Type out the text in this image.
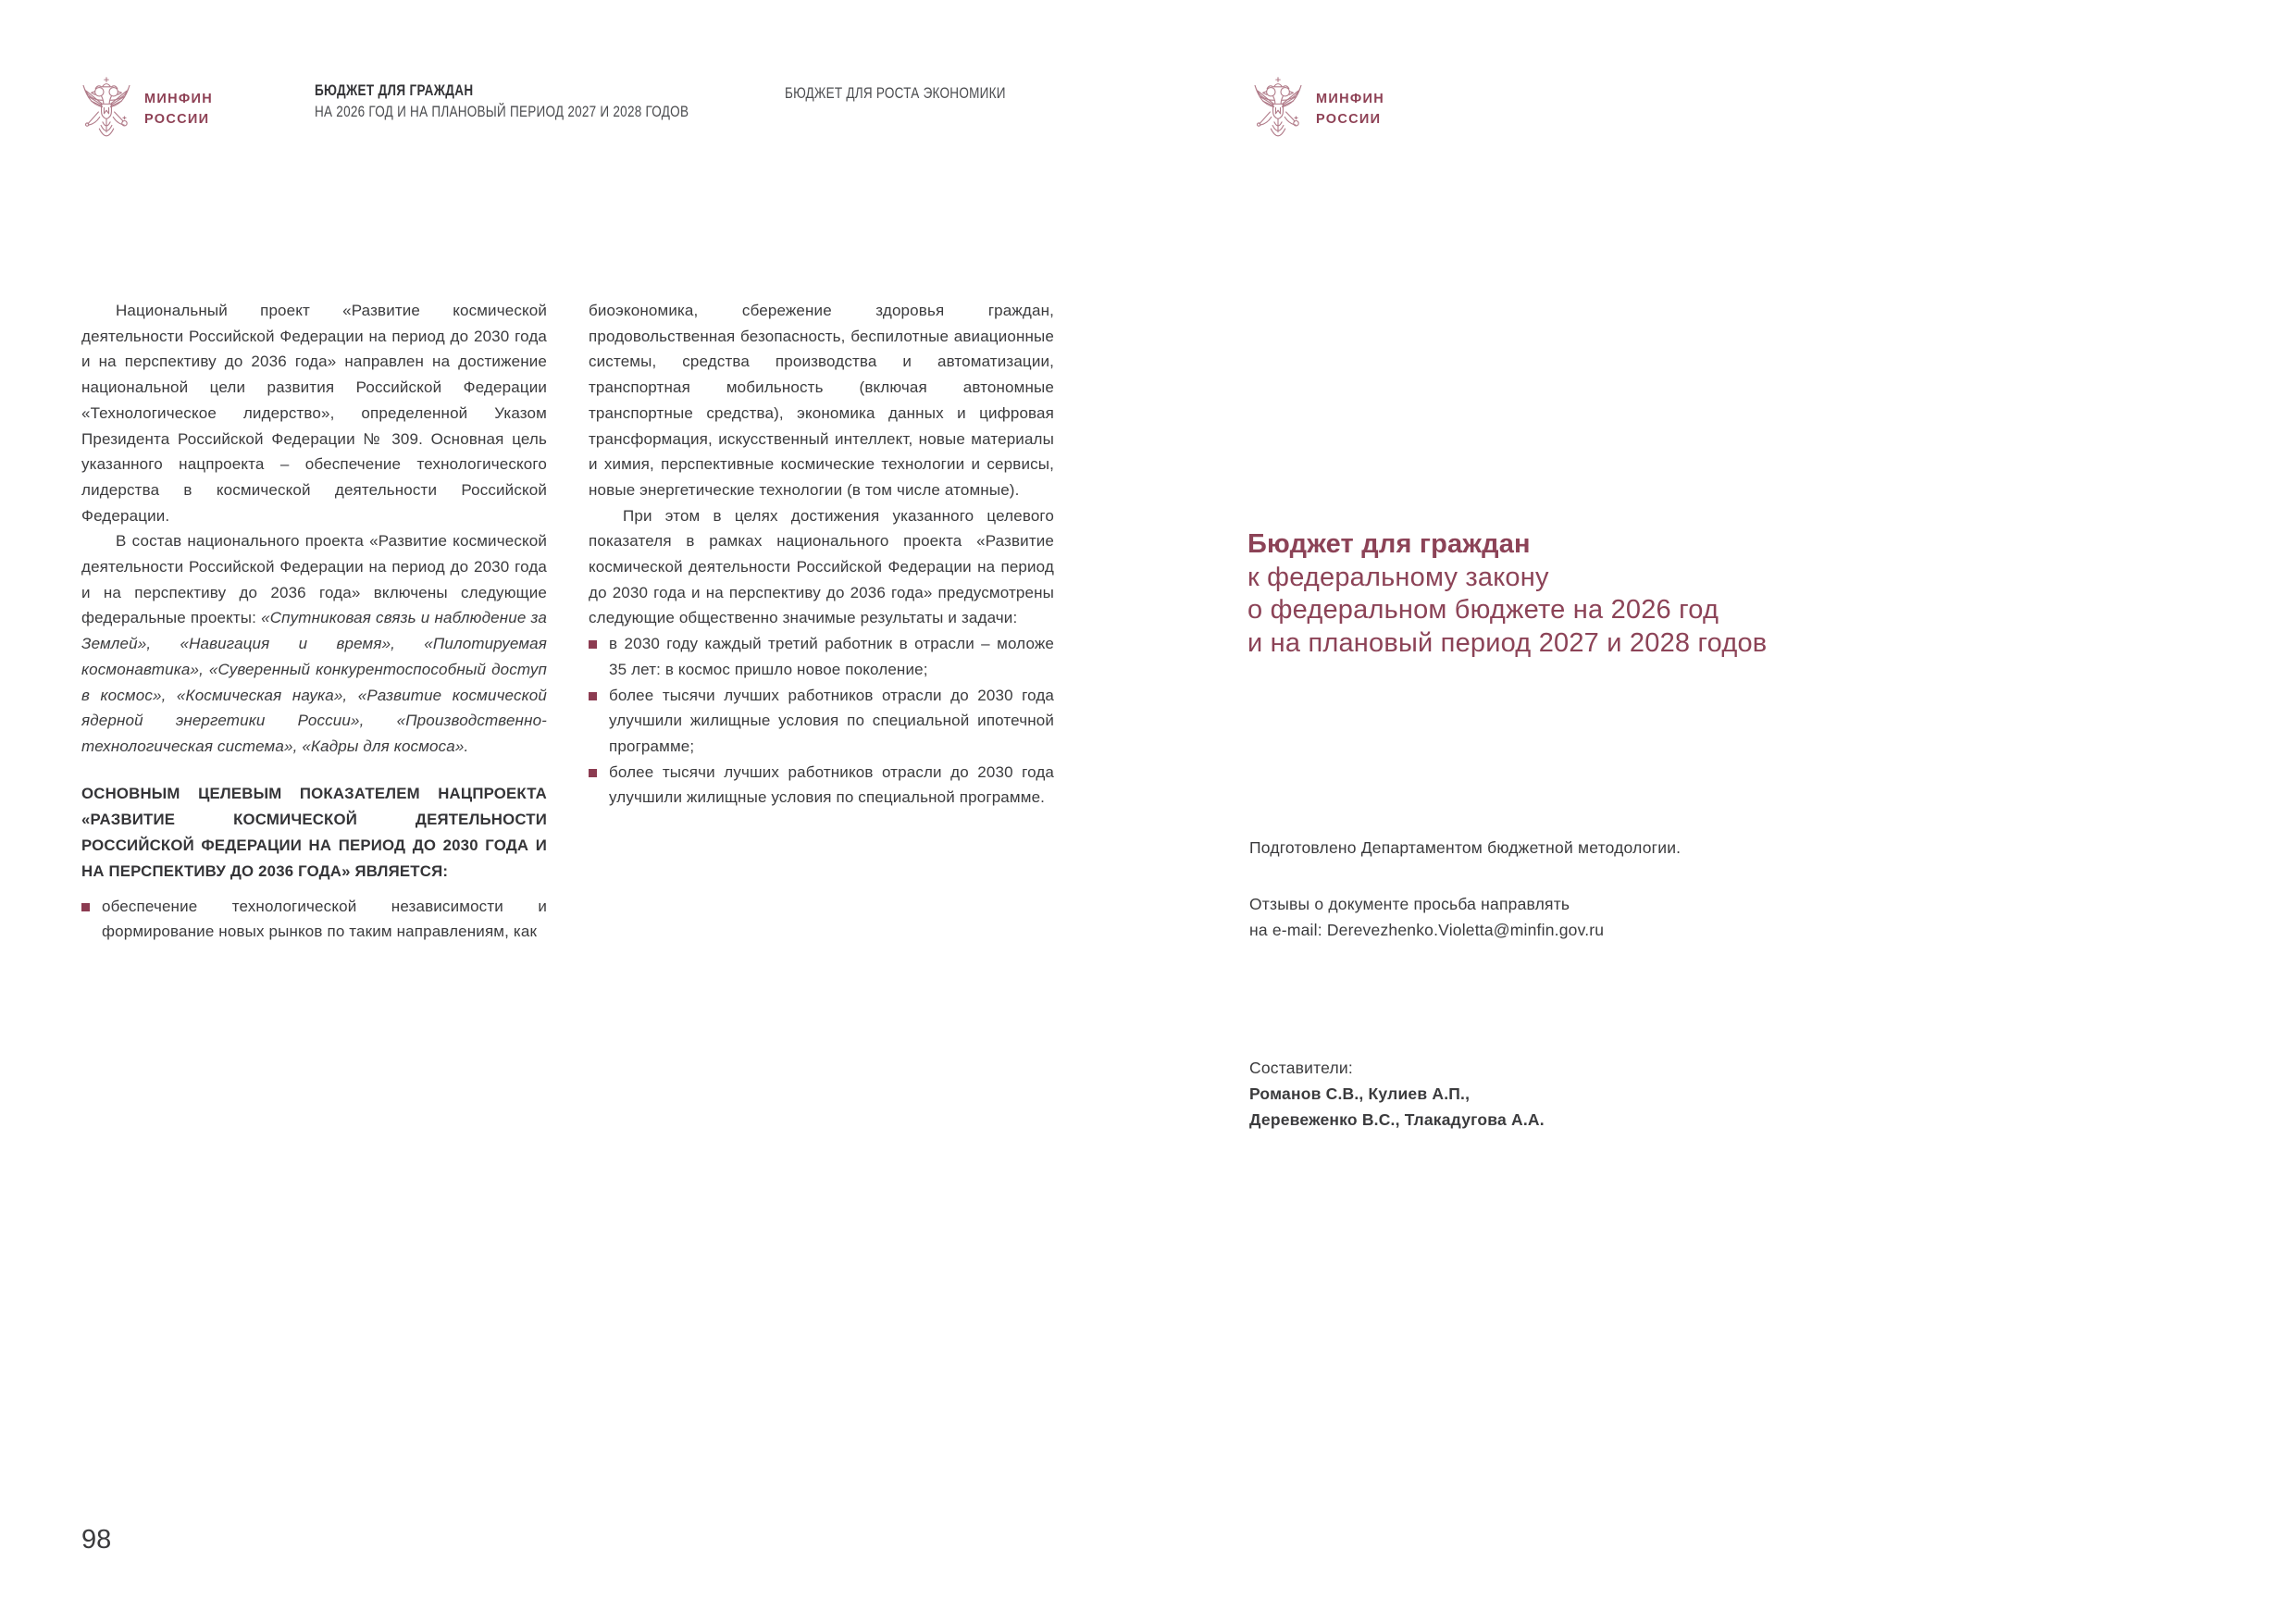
МИНФИН
РОССИИ
БЮДЖЕТ ДЛЯ ГРАЖДАН
НА 2026 ГОД И НА ПЛАНОВЫЙ ПЕРИОД 2027 И 2028 ГОДОВ
БЮДЖЕТ ДЛЯ РОСТА ЭКОНОМИКИ	МИНФИН
РОССИИ

Национальный проект «Развитие космической деятельности Российской Федерации на период до 2030 года и на перспективу до 2036 года» направлен на достижение национальной цели развития Российской Федерации «Технологическое лидерство», определенной Указом Президента Российской Федерации № 309. Основная цель указанного нацпроекта – обеспечение технологического лидерства в космической деятельности Российской Федерации.

В состав национального проекта «Развитие космической деятельности Российской Федерации на период до 2030 года и на перспективу до 2036 года» включены следующие федеральные проекты: «Спутниковая связь и наблюдение за Землей», «Навигация и время», «Пилотируемая космонавтика», «Суверенный конкурентоспособный доступ в космос», «Космическая наука», «Развитие космической ядерной энергетики России», «Производственно-технологическая система», «Кадры для космоса».

ОСНОВНЫМ ЦЕЛЕВЫМ ПОКАЗАТЕЛЕМ НАЦПРОЕКТА «РАЗВИТИЕ КОСМИЧЕСКОЙ ДЕЯТЕЛЬНОСТИ РОССИЙСКОЙ ФЕДЕРАЦИИ НА ПЕРИОД ДО 2030 ГОДА И НА ПЕРСПЕКТИВУ ДО 2036 ГОДА» ЯВЛЯЕТСЯ:
обеспечение технологической независимости и формирование новых рынков по таким направлениям, как

биоэкономика, сбережение здоровья граждан, продовольственная безопасность, беспилотные авиационные системы, средства производства и автоматизации, транспортная мобильность (включая автономные транспортные средства), экономика данных и цифровая трансформация, искусственный интеллект, новые материалы и химия, перспективные космические технологии и сервисы, новые энергетические технологии (в том числе атомные).

При этом в целях достижения указанного целевого показателя в рамках национального проекта «Развитие космической деятельности Российской Федерации на период до 2030 года и на перспективу до 2036 года» предусмотрены следующие общественно значимые результаты и задачи:

в 2030 году каждый третий работник в отрасли – моложе 35 лет: в космос пришло новое поколение;
более тысячи лучших работников отрасли до 2030 года улучшили жилищные условия по специальной ипотечной программе;
более тысячи лучших работников отрасли до 2030 года улучшили жилищные условия по специальной программе.
Бюджет для граждан
к федеральному закону
о федеральном бюджете на 2026 год
и на плановый период 2027 и 2028 годов
Подготовлено Департаментом бюджетной методологии.
Отзывы о документе просьба направлять
на e-mail: Derevezhenko.Violetta@minfin.gov.ru
Составители:
Романов С.В., Кулиев А.П.,
Деревеженко В.С., Тлакадугова А.А.
98
